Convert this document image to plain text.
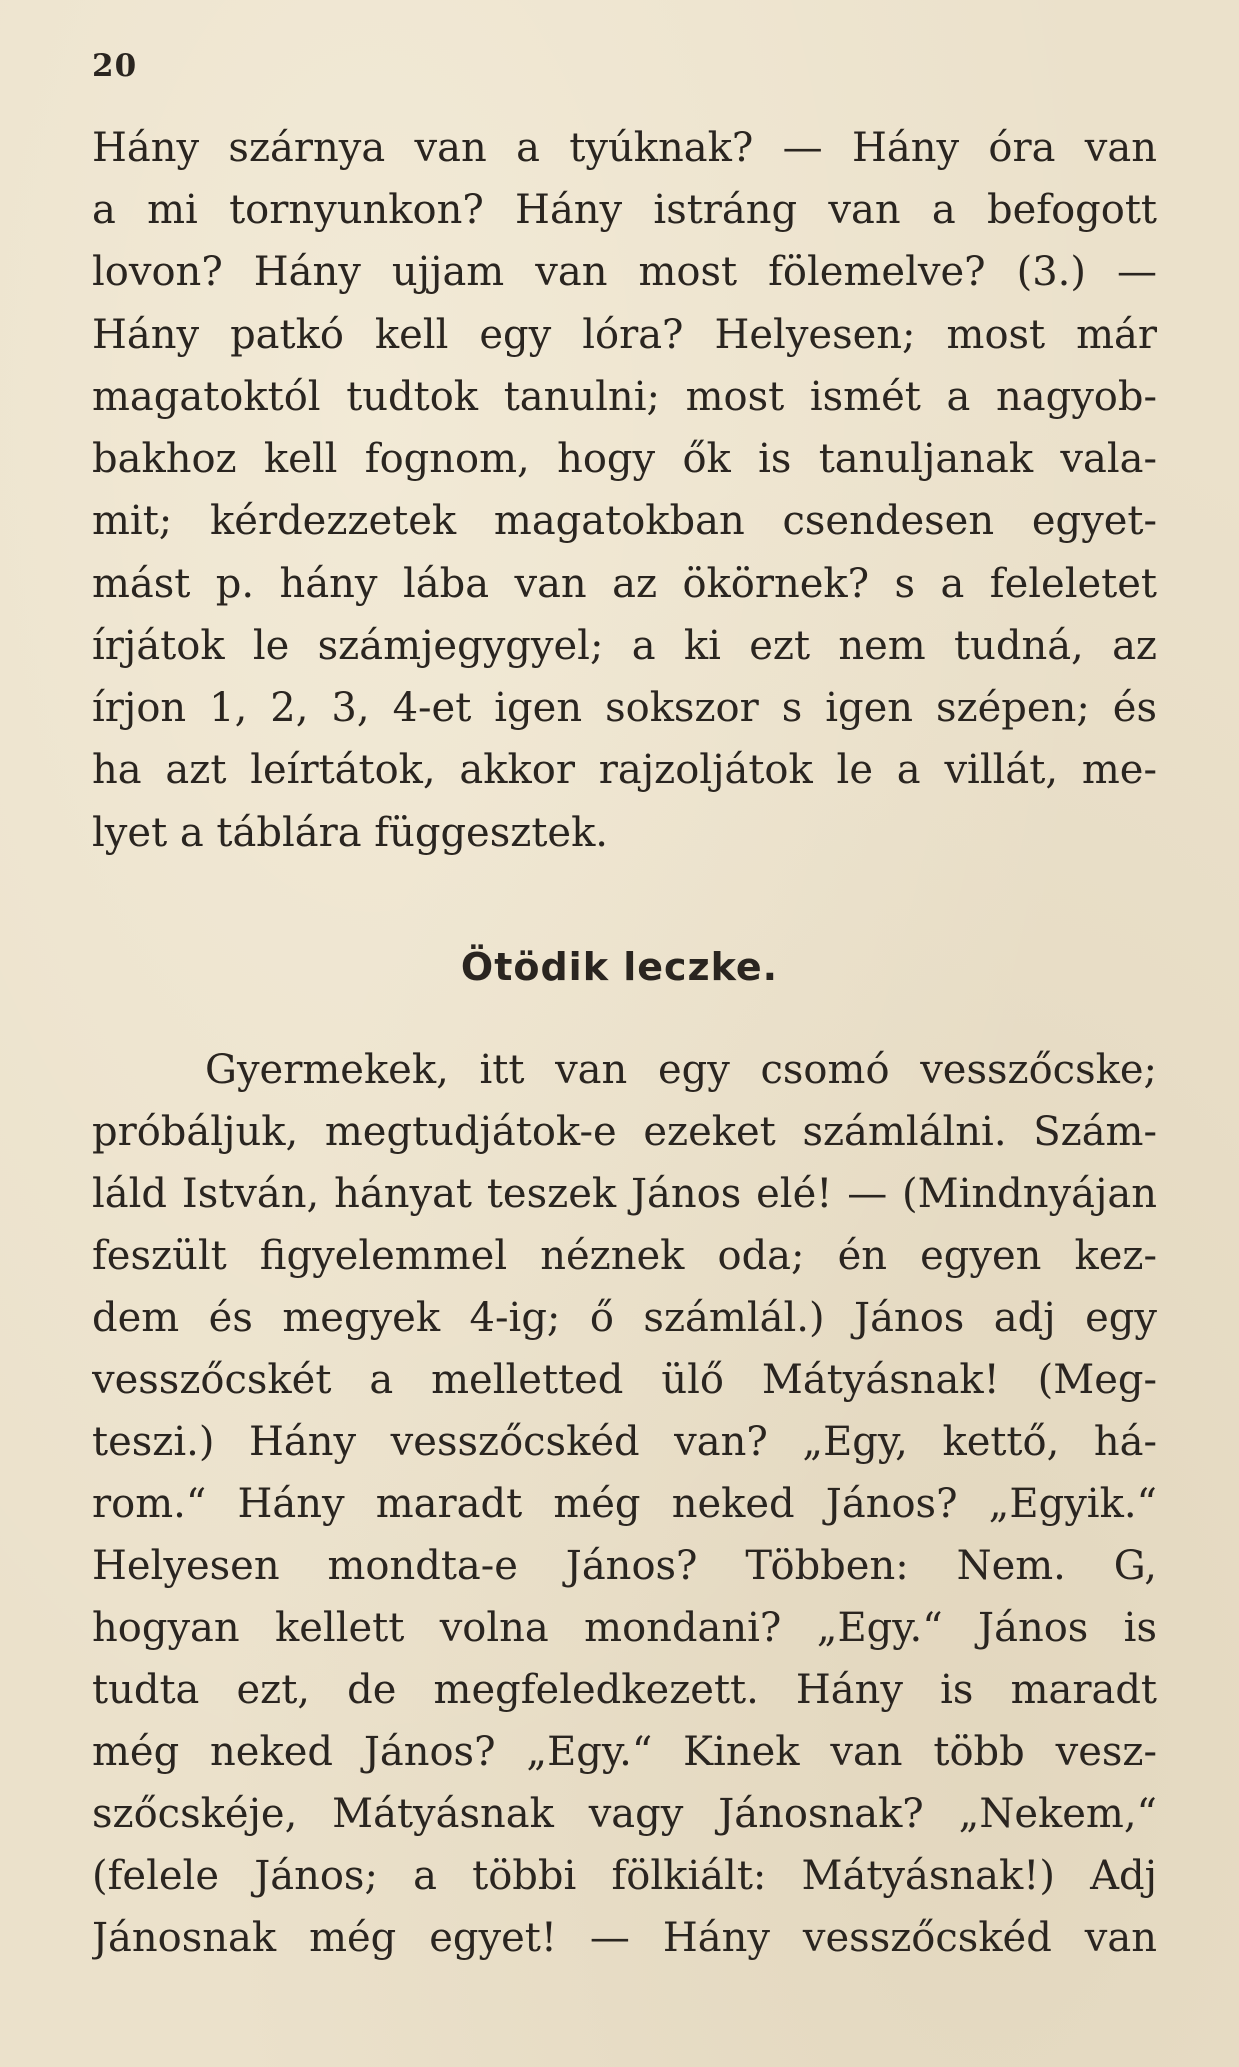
20
Hány szárnya van a tyúknak? — Hány óra van
a mi tornyunkon? Hány istráng van a befogott
lovon? Hány ujjam van most fölemelve? (3.) —
Hány patkó kell egy lóra? Helyesen; most már
magatoktól tudtok tanulni; most ismét a nagyob-
bakhoz kell fognom, hogy ők is tanuljanak vala-
mit; kérdezzetek magatokban csendesen egyet-
mást p. hány lába van az ökörnek? s a feleletet
írjátok le számjegygyel; a ki ezt nem tudná, az
írjon 1, 2, 3, 4-et igen sokszor s igen szépen; és
ha azt leírtátok, akkor rajzoljátok le a villát, me-
lyet a táblára függesztek.
Ötödik leczke.
Gyermekek, itt van egy csomó vesszőcske;
próbáljuk, megtudjátok-e ezeket számlálni. Szám-
láld István, hányat teszek János elé! — (Mindnyájan
feszült figyelemmel néznek oda; én egyen kez-
dem és megyek 4-ig; ő számlál.) János adj egy
vesszőcskét a melletted ülő Mátyásnak! (Meg-
teszi.) Hány vesszőcskéd van? „Egy, kettő, há-
rom.“ Hány maradt még neked János? „Egyik.“
Helyesen mondta-e János? Többen: Nem. G,
hogyan kellett volna mondani? „Egy.“ János is
tudta ezt, de megfeledkezett. Hány is maradt
még neked János? „Egy.“ Kinek van több vesz-
szőcskéje, Mátyásnak vagy Jánosnak? „Nekem,“
(felele János; a többi fölkiált: Mátyásnak!) Adj
Jánosnak még egyet! — Hány vesszőcskéd van
